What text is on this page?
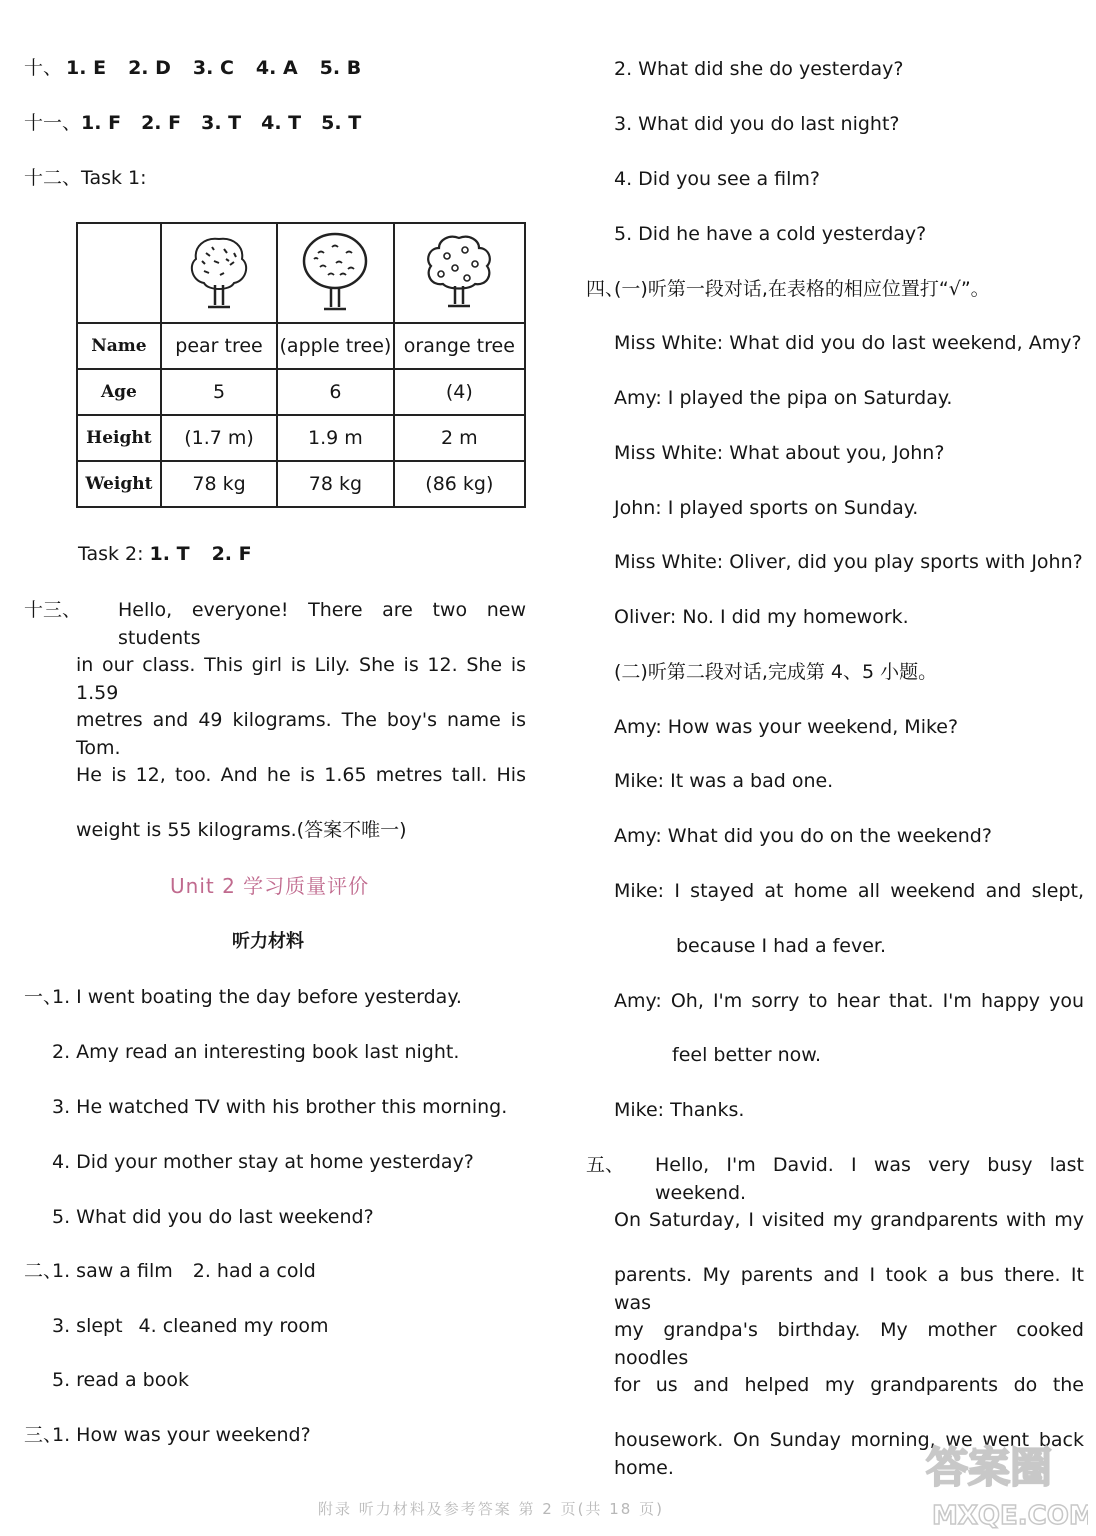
十、 1. E 2. D 3. C 4. A 5. B
十一、1. F 2. F 3. T 4. T 5. T
十二、Task 1:

Name	pear tree	(apple tree)	orange tree
Age	5	6	(4)
Height	(1.7 m)	1.9 m	2 m
Weight	78 kg	78 kg	(86 kg)
Task 2: 1. T 2. F
十三、 Hello, everyone! There are two new students
in our class. This girl is Lily. She is 12. She is 1.59
metres and 49 kilograms. The boy's name is Tom.
He is 12, too. And he is 1.65 metres tall. His
weight is 55 kilograms.(答案不唯一)
Unit 2 学习质量评价
听力材料
一、
1. I went boating the day before yesterday.
2. Amy read an interesting book last night.
3. He watched TV with his brother this morning.
4. Did your mother stay at home yesterday?
5. What did you do last weekend?
二、
1. saw a film 2. had a cold
3. slept 4. cleaned my room
5. read a book
三、
1. How was your weekend?
2. What did she do yesterday?
3. What did you do last night?
4. Did you see a film?
5. Did he have a cold yesterday?
四、
(一)听第一段对话,在表格的相应位置打“√”。
Miss White: What did you do last weekend, Amy?
Amy: I played the pipa on Saturday.
Miss White: What about you, John?
John: I played sports on Sunday.
Miss White: Oliver, did you play sports with John?
Oliver: No. I did my homework.
(二)听第二段对话,完成第 4、5 小题。
Amy: How was your weekend, Mike?
Mike: It was a bad one.
Amy: What did you do on the weekend?
Mike: I stayed at home all weekend and slept,
because I had a fever.
Amy: Oh, I'm sorry to hear that. I'm happy you
feel better now.
Mike: Thanks.
五、 Hello, I'm David. I was very busy last weekend.
On Saturday, I visited my grandparents with my
parents. My parents and I took a bus there. It was
my grandpa's birthday. My mother cooked noodles
for us and helped my grandparents do the
housework. On Sunday morning, we went back home.
附录 听力材料及参考答案 第 2 页(共 18 页)
答案圈
MXQE.COM
